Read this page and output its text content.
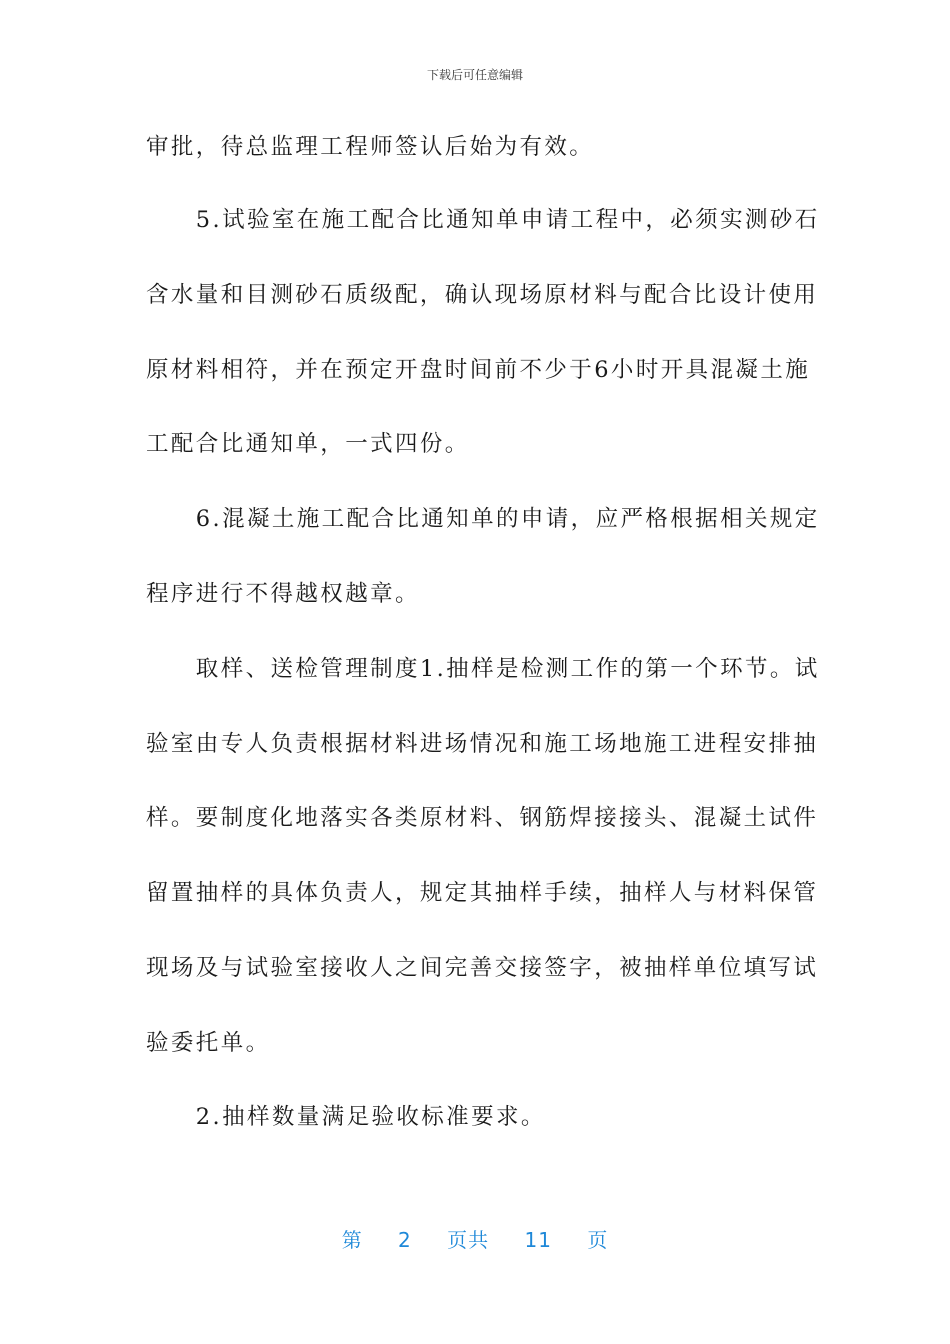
下载后可任意编辑
审批，待总监理工程师签认后始为有效。
　　5.试验室在施工配合比通知单申请工程中，必须实测砂石
含水量和目测砂石质级配，确认现场原材料与配合比设计使用
原材料相符，并在预定开盘时间前不少于6小时开具混凝土施
工配合比通知单，一式四份。
　　6.混凝土施工配合比通知单的申请，应严格根据相关规定
程序进行不得越权越章。
　　取样、送检管理制度1.抽样是检测工作的第一个环节。试
验室由专人负责根据材料进场情况和施工场地施工进程安排抽
样。要制度化地落实各类原材料、钢筋焊接接头、混凝土试件
留置抽样的具体负责人，规定其抽样手续，抽样人与材料保管
现场及与试验室接收人之间完善交接签字，被抽样单位填写试
验委托单。
　　2.抽样数量满足验收标准要求。
第 2 页共 11 页
